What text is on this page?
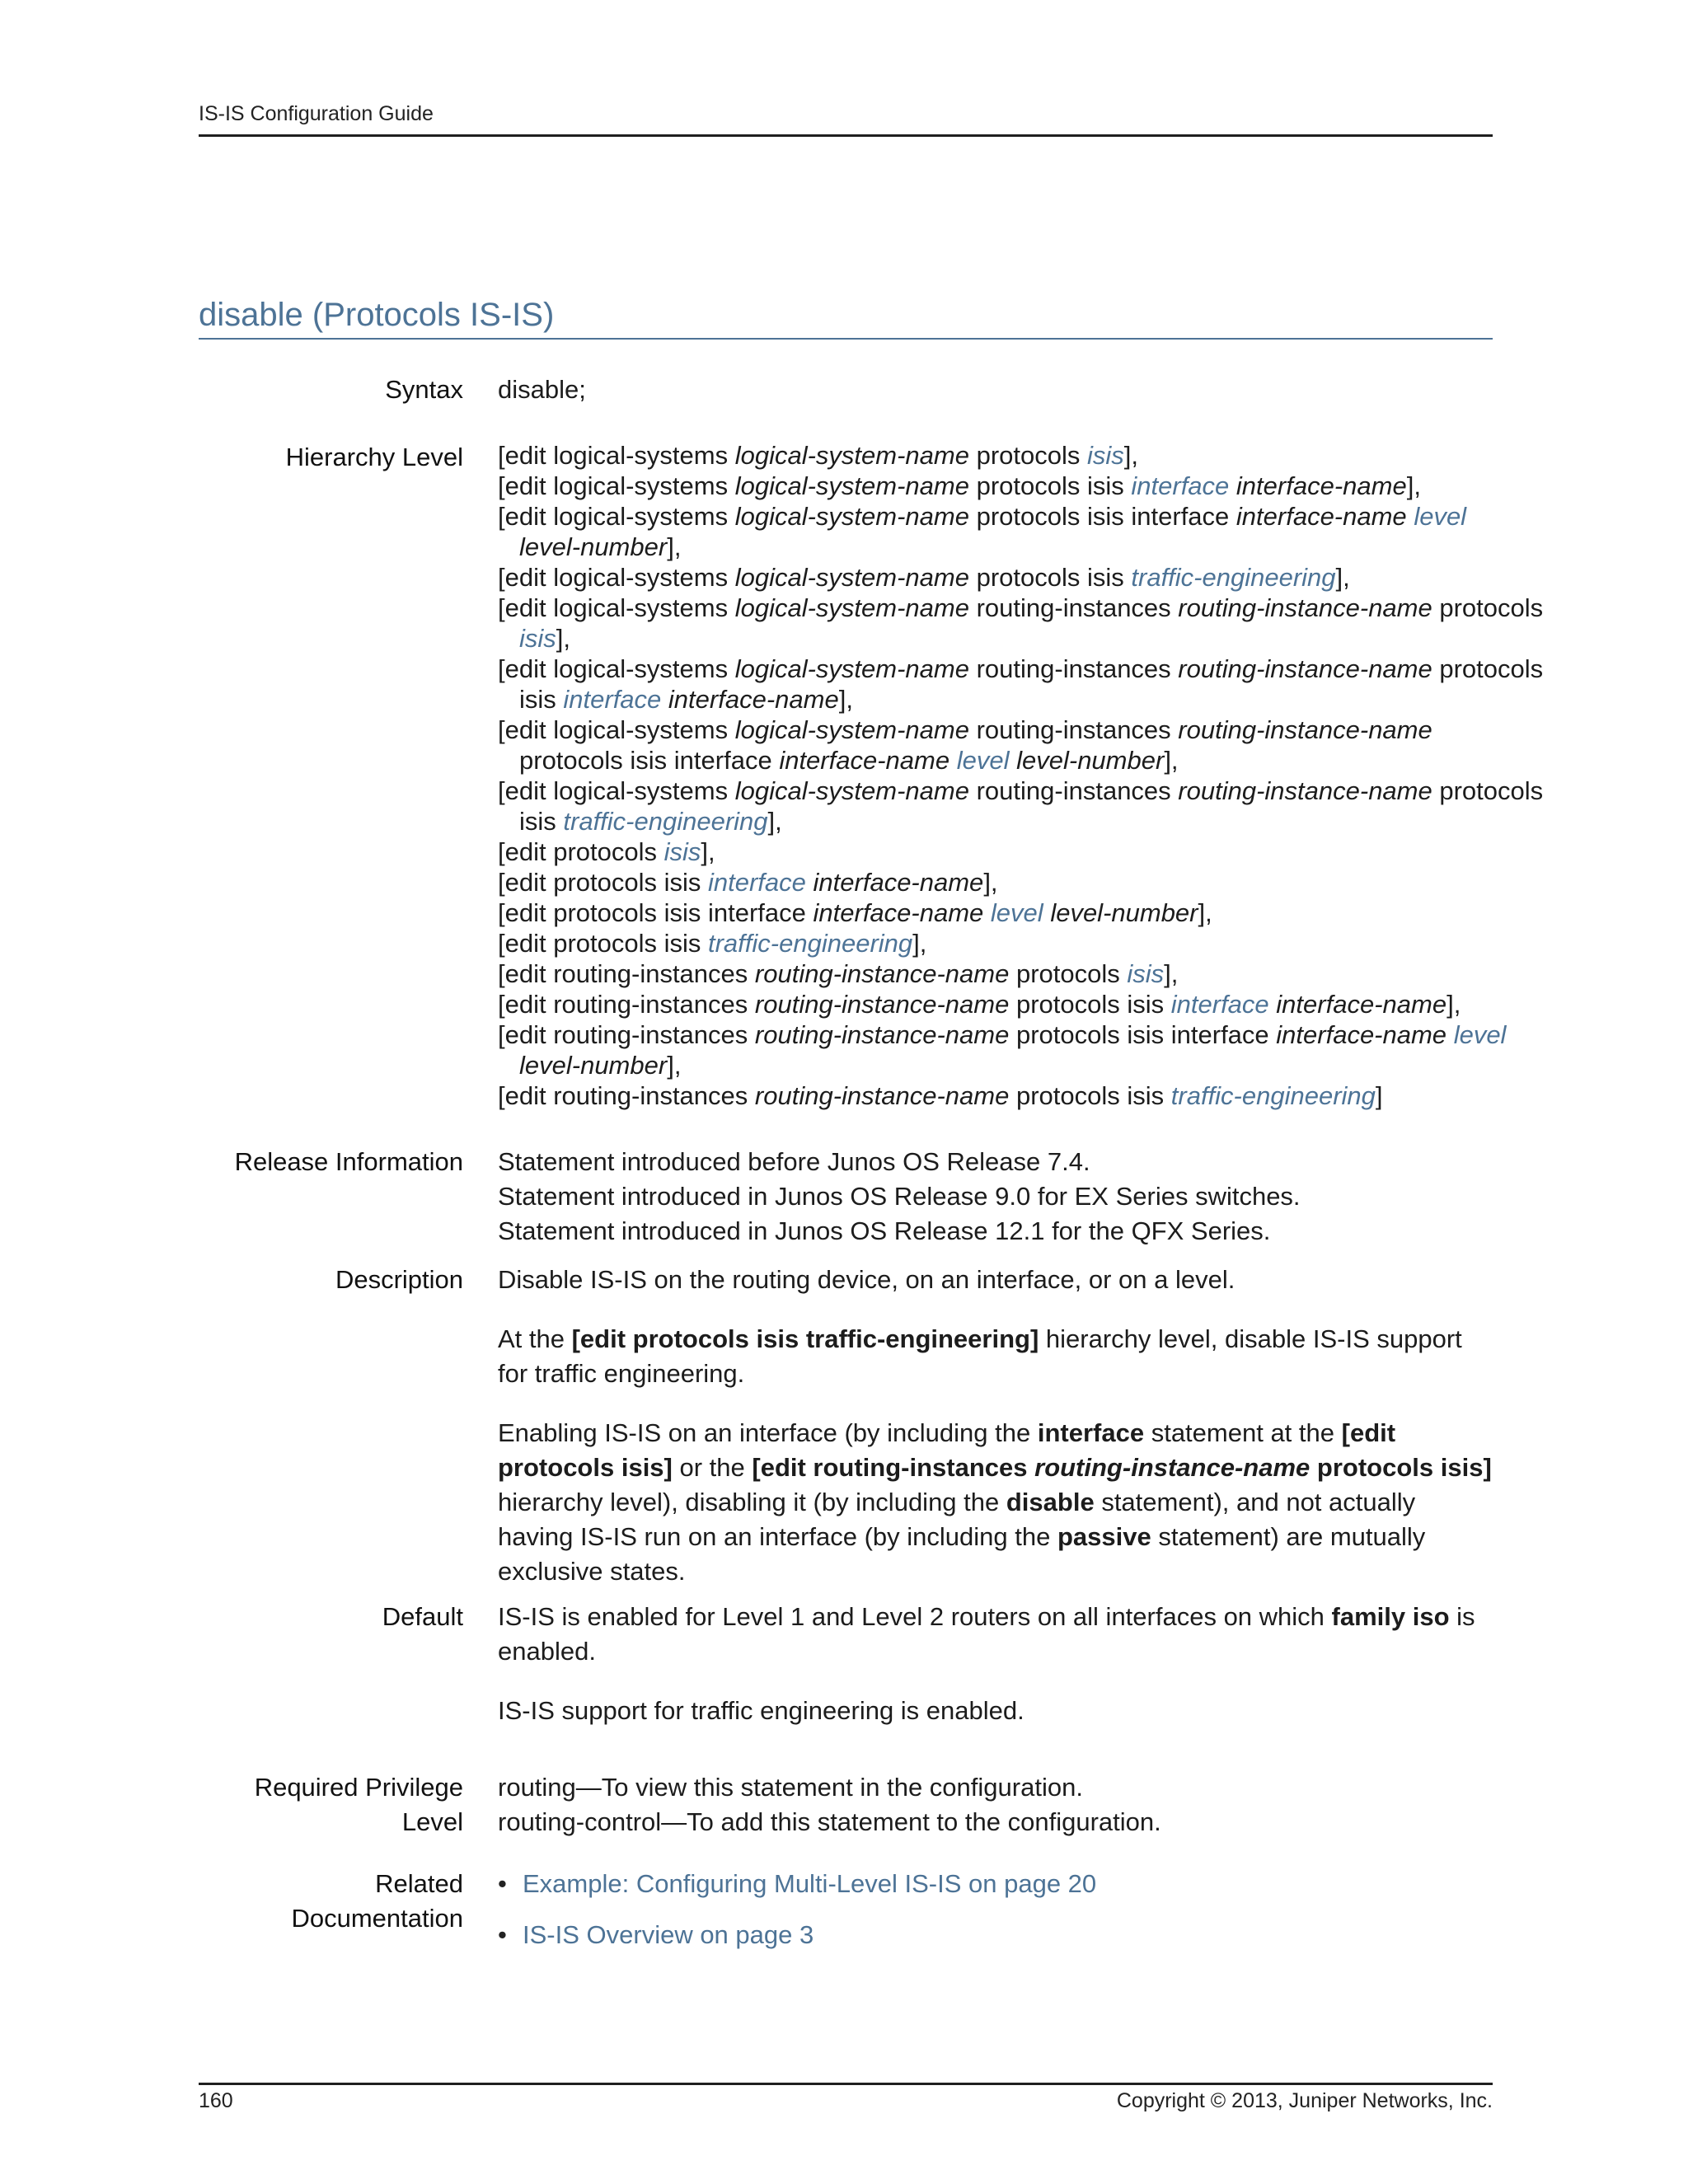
IS-IS Configuration Guide
disable (Protocols IS-IS)
Syntax disable;
Hierarchy Level [edit logical-systems logical-system-name protocols isis],
[edit logical-systems logical-system-name protocols isis interface interface-name],
[edit logical-systems logical-system-name protocols isis interface interface-name level
level-number],
[edit logical-systems logical-system-name protocols isis traffic-engineering],
[edit logical-systems logical-system-name routing-instances routing-instance-name protocols
isis],
[edit logical-systems logical-system-name routing-instances routing-instance-name protocols
isis interface interface-name],
[edit logical-systems logical-system-name routing-instances routing-instance-name
protocols isis interface interface-name level level-number],
[edit logical-systems logical-system-name routing-instances routing-instance-name protocols
isis traffic-engineering],
[edit protocols isis],
[edit protocols isis interface interface-name],
[edit protocols isis interface interface-name level level-number],
[edit protocols isis traffic-engineering],
[edit routing-instances routing-instance-name protocols isis],
[edit routing-instances routing-instance-name protocols isis interface interface-name],
[edit routing-instances routing-instance-name protocols isis interface interface-name level
level-number],
[edit routing-instances routing-instance-name protocols isis traffic-engineering]
Release Information Statement introduced before Junos OS Release 7.4.
Statement introduced in Junos OS Release 9.0 for EX Series switches.
Statement introduced in Junos OS Release 12.1 for the QFX Series.
Description Disable IS-IS on the routing device, on an interface, or on a level.
At the [edit protocols isis traffic-engineering] hierarchy level, disable IS-IS support for traffic engineering.
Enabling IS-IS on an interface (by including the interface statement at the [edit protocols isis] or the [edit routing-instances routing-instance-name protocols isis] hierarchy level), disabling it (by including the disable statement), and not actually having IS-IS run on an interface (by including the passive statement) are mutually exclusive states.
Default IS-IS is enabled for Level 1 and Level 2 routers on all interfaces on which family iso is enabled.
IS-IS support for traffic engineering is enabled.
Required Privilege
Level
routing—To view this statement in the configuration.
routing-control—To add this statement to the configuration.
Related
Documentation
• Example: Configuring Multi-Level IS-IS on page 20
• IS-IS Overview on page 3
160	Copyright © 2013, Juniper Networks, Inc.
